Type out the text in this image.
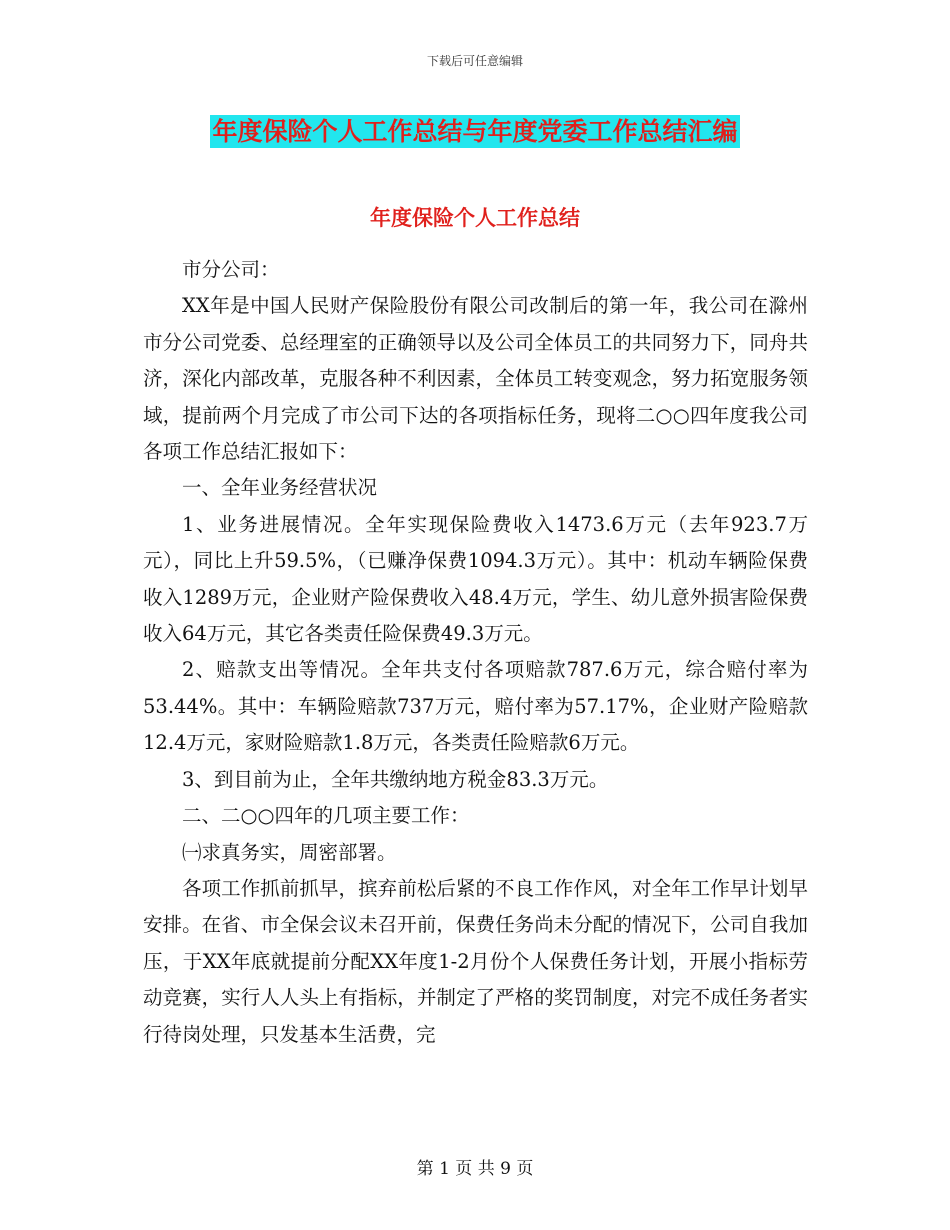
下载后可任意编辑
年度保险个人工作总结与年度党委工作总结汇编
年度保险个人工作总结

市分公司：

XX年是中国人民财产保险股份有限公司改制后的第一年，我公司在滁州市分公司党委、总经理室的正确领导以及公司全体员工的共同努力下，同舟共济，深化内部改革，克服各种不利因素，全体员工转变观念，努力拓宽服务领域，提前两个月完成了市公司下达的各项指标任务，现将二○○四年度我公司各项工作总结汇报如下：

一、全年业务经营状况

1、业务进展情况。全年实现保险费收入1473.6万元（去年923.7万元），同比上升59.5%，（已赚净保费1094.3万元）。其中：机动车辆险保费收入1289万元，企业财产险保费收入48.4万元，学生、幼儿意外损害险保费收入64万元，其它各类责任险保费49.3万元。

2、赔款支出等情况。全年共支付各项赔款787.6万元，综合赔付率为53.44%。其中：车辆险赔款737万元，赔付率为57.17%，企业财产险赔款12.4万元，家财险赔款1.8万元，各类责任险赔款6万元。

3、到目前为止，全年共缴纳地方税金83.3万元。

二、二○○四年的几项主要工作：

㈠求真务实，周密部署。

各项工作抓前抓早，摈弃前松后紧的不良工作作风，对全年工作早计划早安排。在省、市全保会议未召开前，保费任务尚未分配的情况下，公司自我加压，于XX年底就提前分配XX年度1-2月份个人保费任务计划，开展小指标劳动竞赛，实行人人头上有指标，并制定了严格的奖罚制度，对完不成任务者实行待岗处理，只发基本生活费，完

第 1 页 共 9 页
